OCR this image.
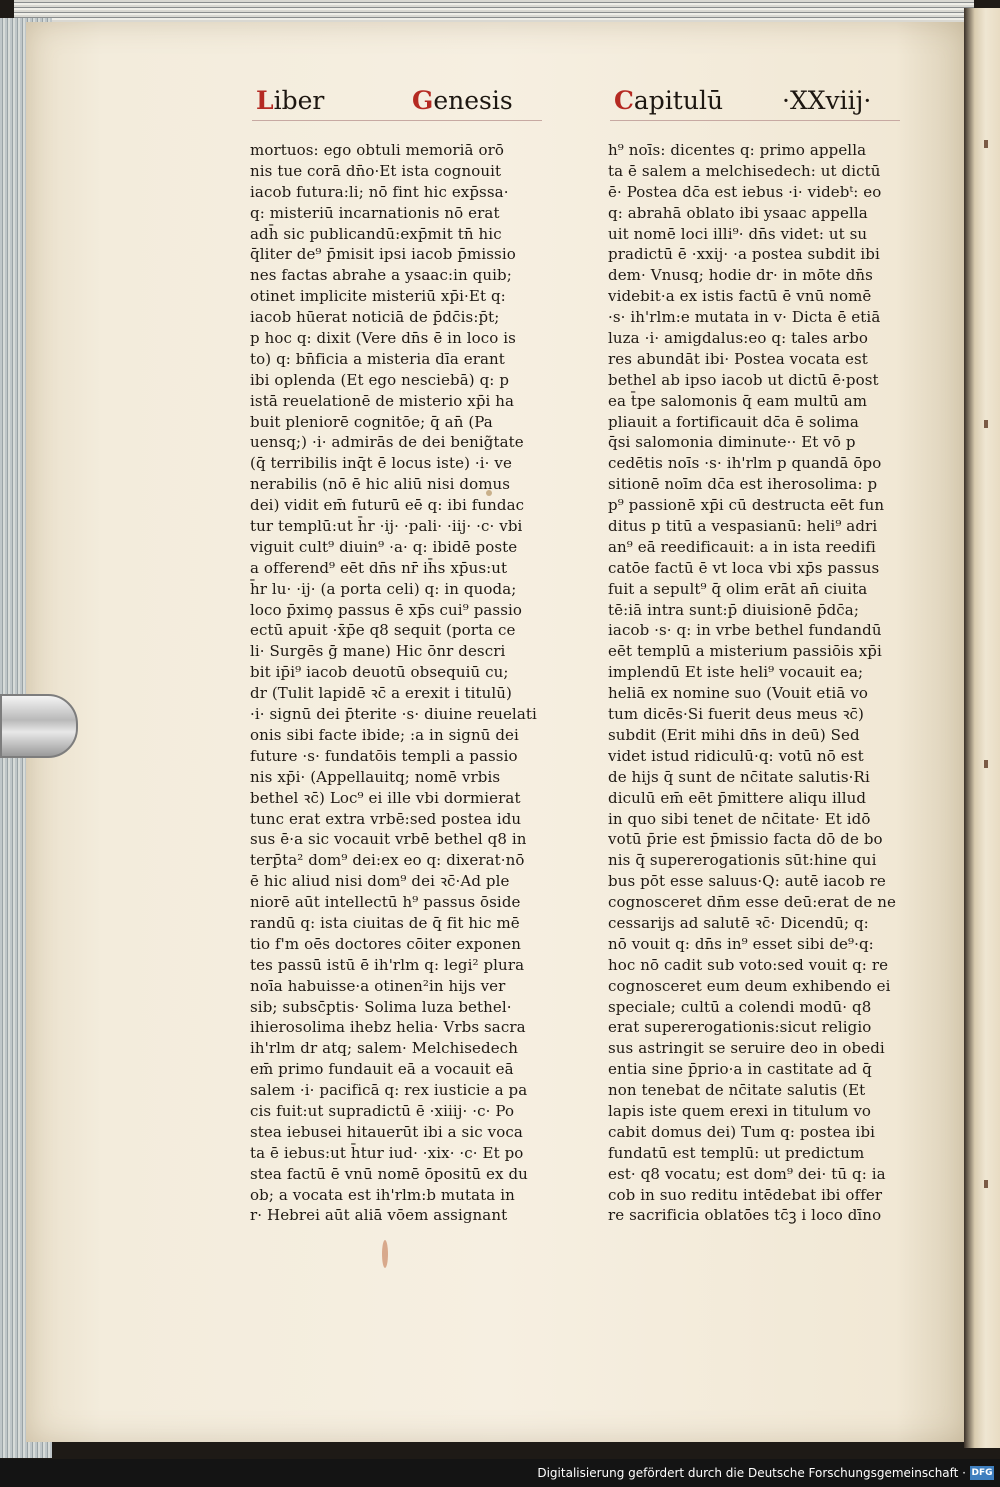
Liber	Genesis	Capitulū ·XXviij·
mortuos: ego obtuli memoriā orō
nis tue corā dn̄o·Et ista cognouit
iacob futura:li; nō fint hic exp̄ssa·
q: misteriū incarnationis nō erat
adh̄ sic publicandū:exp̄mit tn̄ hic
q̄liter de⁹ p̄misit ipsi iacob p̄missio
nes factas abrahe a ysaac:in quib;
otinet implicite misteriū xp̄i·Et q:
iacob hūerat noticiā de p̄dc̄is:p̄t;
p hoc q: dixit (Vere dn̄s ē in loco is
to) q: bn̄ficia a misteria dīa erant
ibi oplenda (Et ego nesciebā) q: p
istā reuelationē de misterio xp̄i ha
buit pleniorē cognitōe; q̄ an̄ (Pa
uensq;) ·i· admirās de dei benig̃tate
(q̄ terribilis inq̄t ē locus iste) ·i· ve
nerabilis (nō ē hic aliū nisi domus
dei) vidit em̄ futurū eē q: ibi fundac
tur templū:ut h̄r ·ij· ·pali· ·iij· ·c· vbi
viguit cult⁹ diuin⁹ ·a· q: ibidē poste
a offerend⁹ eēt dn̄s nr̄ ih̄s xp̄us:ut
h̄r lu· ·ij· (a porta celi) q: in quoda;
loco p̄ximo̧ passus ē xp̄s cui⁹ passio
ectū apuit ·x̄p̄e q8 sequit (porta ce
li· Surgēs ḡ mane) Hic ōnr descri
bit ip̄i⁹ iacob deuotū obsequiū cu;
dr (Tulit lapidē ꝛc̄ a erexit i titulū)
·i· signū dei p̄terite ·s· diuine reuelati
onis sibi facte ibide; :a in signū dei
future ·s· fundatōis templi a passio
nis xp̄i· (Appellauitq; nomē vrbis
bethel ꝛc̄) Loc⁹ ei ille vbi dormierat
tunc erat extra vrbē:sed postea idu
sus ē·a sic vocauit vrbē bethel q8 in
terp̄ta² dom⁹ dei:ex eo q: dixerat·nō
ē hic aliud nisi dom⁹ dei ꝛc̄·Ad ple
niorē aūt intellectū h⁹ passus ōside
randū q: ista ciuitas de q̄ fit hic mē
tio f'm oēs doctores cōiter exponen
tes passū istū ē ih'rlm q: legi² plura
noīa habuisse·a otinen²in hijs ver
sib; subsc̄ptis· Solima luza bethel·
ihierosolima ihebz helia· Vrbs sacra
ih'rlm dr atq; salem· Melchisedech
em̄ primo fundauit eā a vocauit eā
salem ·i· pacificā q: rex iusticie a pa
cis fuit:ut supradictū ē ·xiiij· ·c· Po
stea iebusei hitauerūt ibi a sic voca
ta ē iebus:ut h̄tur iud· ·xix· ·c· Et po
stea factū ē vnū nomē ōpositū ex du
ob; a vocata est ih'rlm:b mutata in
r· Hebrei aūt aliā vōem assignant
h⁹ noīs: dicentes q: primo appella
ta ē salem a melchisedech: ut dictū
ē· Postea dc̄a est iebus ·i· videbᵗ: eo
q: abrahā oblato ibi ysaac appella
uit nomē loci illi⁹· dn̄s videt: ut su
pradictū ē ·xxij· ·a postea subdit ibi
dem· Vnusq; hodie dr· in mōte dn̄s
videbit·a ex istis factū ē vnū nomē
·s· ih'rlm:e mutata in v· Dicta ē etiā
luza ·i· amigdalus:eo q: tales arbo
res abundāt ibi· Postea vocata est
bethel ab ipso iacob ut dictū ē·post
ea t̄pe salomonis q̄ eam multū am
pliauit a fortificauit dc̄a ē solima
q̄si salomonia diminute·· Et vō p
cedētis noīs ·s· ih'rlm p quandā ōpo
sitionē noīm dc̄a est iherosolima: p
p⁹ passionē xp̄i cū destructa eēt fun
ditus p titū a vespasianū: heli⁹ adri
an⁹ eā reedificauit: a in ista reedifi
catōe factū ē vt loca vbi xp̄s passus
fuit a sepult⁹ q̄ olim erāt an̄ ciuita
tē:iā intra sunt:p̄ diuisionē p̄dc̄a;
iacob ·s· q: in vrbe bethel fundandū
eēt templū a misterium passiōis xp̄i
implendū Et iste heli⁹ vocauit ea;
heliā ex nomine suo (Vouit etiā vo
tum dicēs·Si fuerit deus meus ꝛc̄)
subdit (Erit mihi dn̄s in deū) Sed
videt istud ridiculū·q: votū nō est
de hijs q̄ sunt de nc̄itate salutis·Ri
diculū em̄ eēt p̄mittere aliqu illud
in quo sibi tenet de nc̄itate· Et idō
votū p̄rie est p̄missio facta dō de bo
nis q̄ supererogationis sūt:hine qui
bus pōt esse saluus·Q: autē iacob re
cognosceret dn̄m esse deū:erat de ne
cessarijs ad salutē ꝛc̄· Dicendū; q:
nō vouit q: dn̄s in⁹ esset sibi de⁹·q:
hoc nō cadit sub voto:sed vouit q: re
cognosceret eum deum exhibendo ei
speciale; cultū a colendi modū· q8
erat supererogationis:sicut religio
sus astringit se seruire deo in obedi
entia sine p̄prio·a in castitate ad q̄
non tenebat de nc̄itate salutis (Et
lapis iste quem erexi in titulum vo
cabit domus dei) Tum q: postea ibi
fundatū est templū: ut predictum
est· q8 vocatu; est dom⁹ dei· tū q: ia
cob in suo reditu intēdebat ibi offer
re sacrificia oblatōes tc̄ꝫ i loco dīno
Digitalisierung gefördert durch die Deutsche Forschungsgemeinschaft · DFG
